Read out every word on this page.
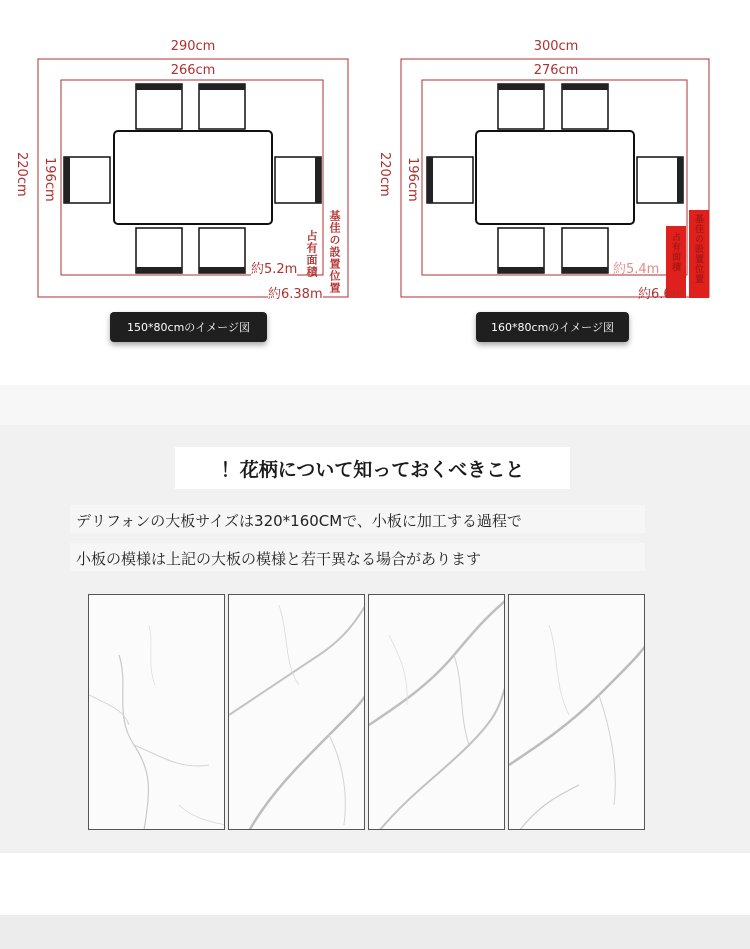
290cm
266cm
220cm 196cm
約5.2m
約6.38m
占有面積 基佳の設置位置
150*80cmのイメージ図
300cm
276cm
220cm 196cm
約5.4m
約6.6m
占有面積 基佳の設置位置
160*80cmのイメージ図
！花柄について知っておくべきこと
デリフォンの大板サイズは320*160CMで、小板に加工する過程で
小板の模様は上記の大板の模様と若干異なる場合があります
